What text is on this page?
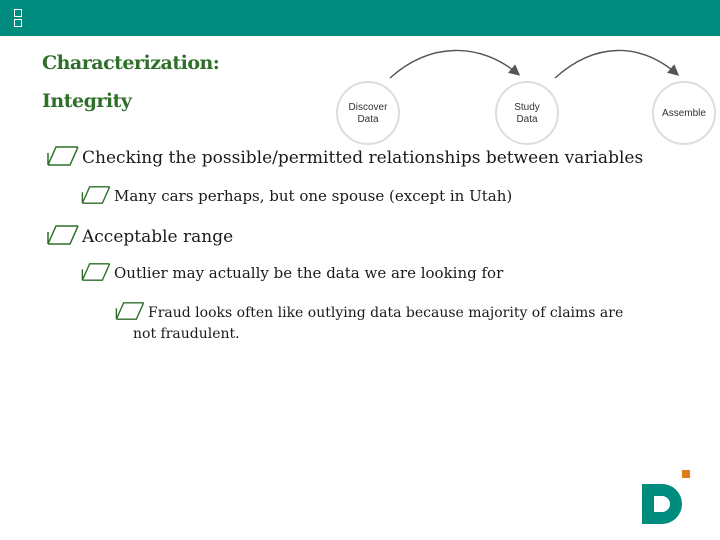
Characterization:
Integrity	Discover
Data
Study
Data
Assemble
Checking the possible/permitted relationships between variables
Many cars perhaps, but one spouse (except in Utah)
Acceptable range
Outlier may actually be the data we are looking for
Fraud looks often like outlying data because majority of claims are
not fraudulent.
